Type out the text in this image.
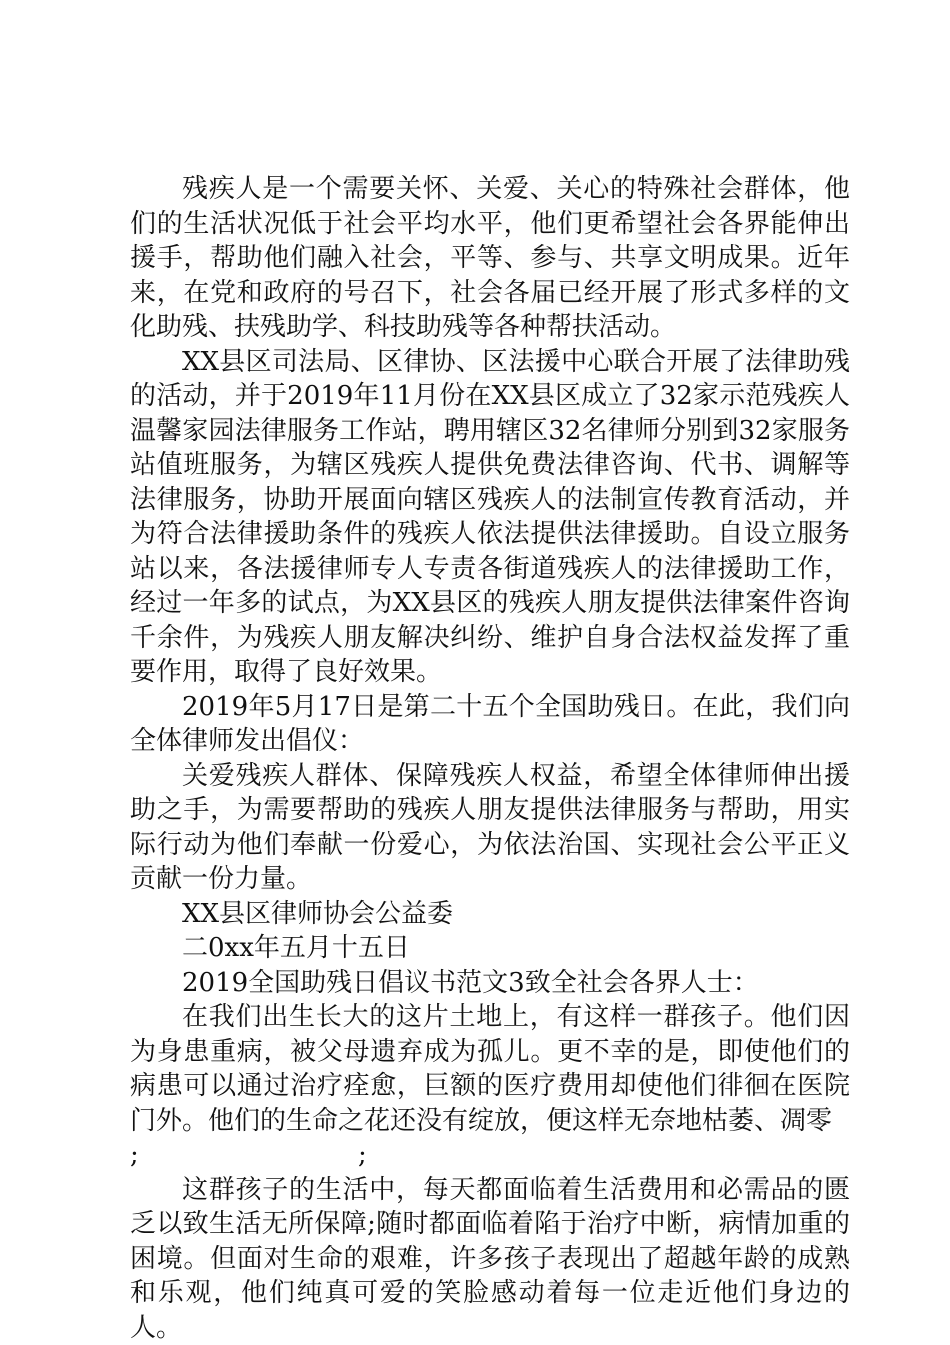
残疾人是一个需要关怀、关爱、关心的特殊社会群体，他们的生活状况低于社会平均水平，他们更希望社会各界能伸出援手，帮助他们融入社会，平等、参与、共享文明成果。近年来，在党和政府的号召下，社会各届已经开展了形式多样的文化助残、扶残助学、科技助残等各种帮扶活动。

XX县区司法局、区律协、区法援中心联合开展了法律助残的活动，并于2019年11月份在XX县区成立了32家示范残疾人温馨家园法律服务工作站，聘用辖区32名律师分别到32家服务站值班服务，为辖区残疾人提供免费法律咨询、代书、调解等法律服务，协助开展面向辖区残疾人的法制宣传教育活动，并为符合法律援助条件的残疾人依法提供法律援助。自设立服务站以来，各法援律师专人专责各街道残疾人的法律援助工作，经过一年多的试点，为XX县区的残疾人朋友提供法律案件咨询千余件，为残疾人朋友解决纠纷、维护自身合法权益发挥了重要作用，取得了良好效果。

2019年5月17日是第二十五个全国助残日。在此，我们向全体律师发出倡仪：

关爱残疾人群体、保障残疾人权益，希望全体律师伸出援助之手，为需要帮助的残疾人朋友提供法律服务与帮助，用实际行动为他们奉献一份爱心，为依法治国、实现社会公平正义贡献一份力量。

XX县区律师协会公益委

二0xx年五月十五日

2019全国助残日倡议书范文3致全社会各界人士：

在我们出生长大的这片土地上，有这样一群孩子。他们因为身患重病，被父母遗弃成为孤儿。更不幸的是，即使他们的病患可以通过治疗痊愈，巨额的医疗费用却使他们徘徊在医院门外。他们的生命之花还没有绽放，便这样无奈地枯萎、凋零

;	;

这群孩子的生活中，每天都面临着生活费用和必需品的匮乏以致生活无所保障;随时都面临着陷于治疗中断，病情加重的困境。但面对生命的艰难，许多孩子表现出了超越年龄的成熟和乐观，他们纯真可爱的笑脸感动着每一位走近他们身边的人。
